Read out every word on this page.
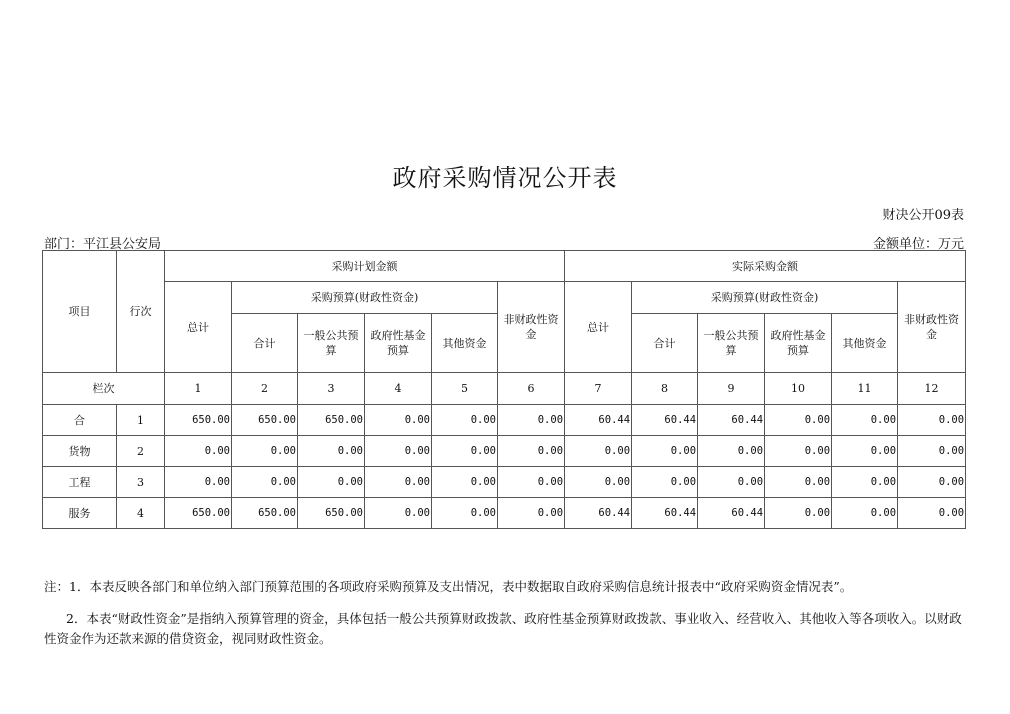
政府采购情况公开表
财决公开09表
部门：平江县公安局	金额单位：万元
项目	行次	采购计划金额						实际采购金额					
		总计	采购预算(财政性资金)				非财政性资金	总计	采购预算(财政性资金)				非财政性资金
			合计	一般公共预算	政府性基金预算	其他资金			合计	一般公共预算	政府性基金预算	其他资金	
栏次		1	2	3	4	5	6	7	8	9	10	11	12
合	1	650.00	650.00	650.00	0.00	0.00	0.00	60.44	60.44	60.44	0.00	0.00	0.00
货物	2	0.00	0.00	0.00	0.00	0.00	0.00	0.00	0.00	0.00	0.00	0.00	0.00
工程	3	0.00	0.00	0.00	0.00	0.00	0.00	0.00	0.00	0.00	0.00	0.00	0.00
服务	4	650.00	650.00	650.00	0.00	0.00	0.00	60.44	60.44	60.44	0.00	0.00	0.00

注：1．本表反映各部门和单位纳入部门预算范围的各项政府采购预算及支出情况，表中数据取自政府采购信息统计报表中“政府采购资金情况表”。

2．本表“财政性资金”是指纳入预算管理的资金，具体包括一般公共预算财政拨款、政府性基金预算财政拨款、事业收入、经营收入、其他收入等各项收入。以财政性资金作为还款来源的借贷资金，视同财政性资金。
